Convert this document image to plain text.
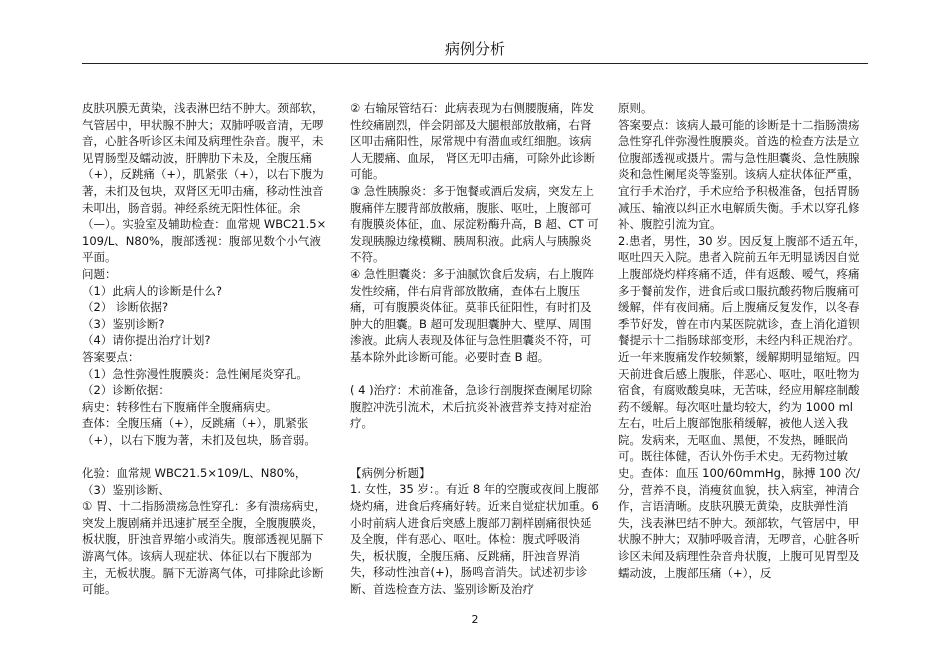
病例分析

皮肤巩膜无黄染，浅表淋巴结不肿大。颈部软，气管居中，甲状腺不肿大；双肺呼吸音清，无啰音，心脏各听诊区未闻及病理性杂音。腹平，未见胃肠型及蠕动波，肝脾肋下未及，全腹压痛（+），反跳痛（+），肌紧张（+），以右下腹为著，未扪及包块，双肾区无叩击痛，移动性浊音未叩出，肠音弱。神经系统无阳性体征。余（—）。实验室及辅助检查：血常规 WBC21.5×109/L、N80%，腹部透视：腹部见数个小气液平面。

问题：

（1）此病人的诊断是什么?

（2） 诊断依据?

（3）鉴别诊断?

（4）请你提出治疗计划?

答案要点：

（1）急性弥漫性腹膜炎：急性阑尾炎穿孔。

（2）诊断依据：

病史：转移性右下腹痛伴全腹痛病史。

查体：全腹压痛（+），反跳痛（+），肌紧张（+），以右下腹为著，未扪及包块，肠音弱。

化验：血常规 WBC21.5×109/L、N80%，

（3）鉴别诊断、

① 胃、十二指肠溃疡急性穿孔：多有溃疡病史，突发上腹剧痛并迅速扩展至全腹，全腹腹膜炎，板状腹，肝浊音界缩小或消失。腹部透视见膈下游离气体。该病人现症状、体征以右下腹部为主，无板状腹。膈下无游离气体，可排除此诊断可能。

② 右输尿管结石：此病表现为右侧腰腹痛，阵发性绞痛剧烈，伴会阴部及大腿根部放散痛，右肾区叩击痛阳性，尿常规中有潜血或红细胞。该病人无腰痛、血尿， 肾区无叩击痛，可除外此诊断可能。

③ 急性胰腺炎：多于饱餐或酒后发病，突发左上腹痛伴左腰背部放散痛，腹胀、呕吐，上腹部可有腹膜炎体征，血、尿淀粉酶升高，B 超、CT 可发现胰腺边缘模糊、胰周积液。此病人与胰腺炎不符。

④ 急性胆囊炎：多于油腻饮食后发病，右上腹阵发性绞痛，伴右肩背部放散痛，查体右上腹压痛，可有腹膜炎体征。莫菲氏征阳性，有时扪及肿大的胆囊。B 超可发现胆囊肿大、壁厚、周围渗液。此病人表现及体征与急性胆囊炎不符，可基本除外此诊断可能。必要时查 B 超。

( 4 )治疗：术前准备，急诊行剖腹探查阑尾切除腹腔冲洗引流术，术后抗炎补液营养支持对症治疗。

【病例分析题】

1. 女性，35 岁：。有近 8 年的空腹或夜间上腹部烧灼痛，进食后疼痛好转。近来自觉症状加重。6 小时前病人进食后突感上腹部刀割样剧痛很快延及全腹，伴有恶心、呕吐。体检：腹式呼吸消失，板状腹，全腹压痛、反跳痛，肝浊音界消失，移动性浊音(+)，肠鸣音消失。试述初步诊断、首选检查方法、鉴别诊断及治疗

原则。

答案要点：该病人最可能的诊断是十二指肠溃疡急性穿孔伴弥漫性腹膜炎。首选的检查方法是立位腹部透视或摄片。需与急性胆囊炎、急性胰腺炎和急性阑尾炎等鉴别。该病人症状体征严重，宜行手术治疗，手术应给予积极准备，包括胃肠减压、输液以纠正水电解质失衡。手术以穿孔修补、腹腔引流为宜。

2.患者，男性，30 岁。因反复上腹部不适五年，呕吐四天入院。患者入院前五年无明显诱因自觉上腹部烧灼样疼痛不适，伴有返酸、嗳气，疼痛多于餐前发作，进食后或口服抗酸药物后腹痛可缓解，伴有夜间痛。后上腹痛反复发作，以冬春季节好发，曾在市内某医院就诊，查上消化道钡餐提示十二指肠球部变形，未经内科正规治疗。近一年来腹痛发作较频繁，缓解期明显缩短。四天前进食后感上腹胀，伴恶心、呕吐，呕吐物为宿食，有腐败酸臭味，无苦味，经应用解痉制酸药不缓解。每次呕吐量均较大，约为 1000 ml 左右，吐后上腹部饱胀稍缓解，被他人送入我院。发病来，无呕血、黑便，不发热，睡眠尚可。既往体健，否认外伤手术史。无药物过敏史。查体：血压 100/60mmHg，脉搏 100 次/分，营养不良，消瘦贫血貌，扶入病室，神清合作，言语清晰。皮肤巩膜无黄染，皮肤弹性消失，浅表淋巴结不肿大。颈部软，气管居中，甲状腺不肿大；双肺呼吸音清，无啰音，心脏各听诊区未闻及病理性杂音舟状腹，上腹可见胃型及蠕动波，上腹部压痛（+），反

2
